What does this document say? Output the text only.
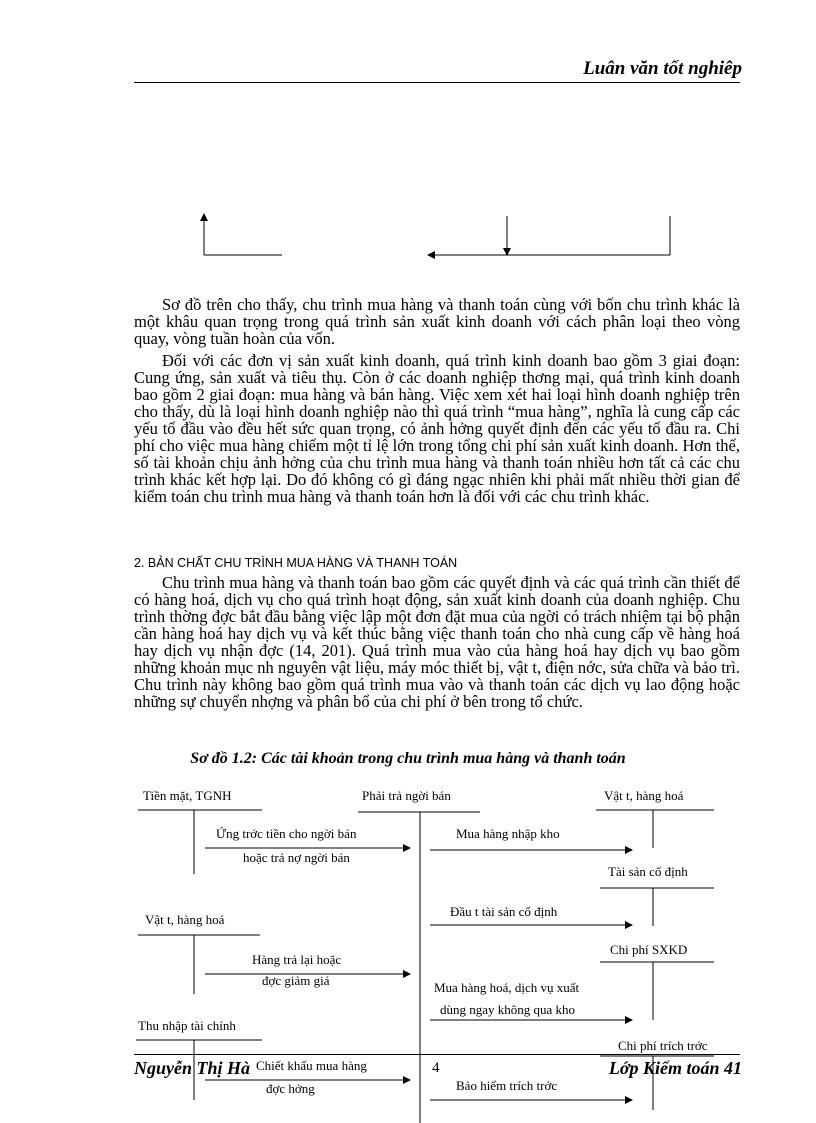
Luân văn tốt nghiêp

Sơ đồ trên cho thấy, chu trình mua hàng và thanh toán cùng với bốn chu trình khác là một khâu quan trọng trong quá trình sản xuất kinh doanh với cách phân loại theo vòng quay, vòng tuần hoàn của vốn.

Đối với các đơn vị sản xuất kinh doanh, quá trình kinh doanh bao gồm 3 giai đoạn: Cung ứng, sản xuất và tiêu thụ. Còn ở các doanh nghiệp thơng mại, quá trình kinh doanh bao gồm 2 giai đoạn: mua hàng và bán hàng. Việc xem xét hai loại hình doanh nghiệp trên cho thấy, dù là loại hình doanh nghiệp nào thì quá trình “mua hàng”, nghĩa là cung cấp các yếu tố đầu vào đều hết sức quan trọng, có ảnh hởng quyết định đến các yếu tố đầu ra. Chi phí cho việc mua hàng chiếm một tỉ lệ lớn trong tổng chi phí sản xuất kinh doanh. Hơn thế, số tài khoản chịu ảnh hởng của chu trình mua hàng và thanh toán nhiều hơn tất cả các chu trình khác kết hợp lại. Do đó không có gì đáng ngạc nhiên khi phải mất nhiều thời gian để kiểm toán chu trình mua hàng và thanh toán hơn là đối với các chu trình khác.

2. BẢN CHẤT CHU TRÌNH MUA HÀNG VÀ THANH TOÁN

Chu trình mua hàng và thanh toán bao gồm các quyết định và các quá trình cần thiết để có hàng hoá, dịch vụ cho quá trình hoạt động, sản xuất kinh doanh của doanh nghiệp. Chu trình thờng đợc bắt đầu bằng việc lập một đơn đặt mua của ngời có trách nhiệm tại bộ phận cần hàng hoá hay dịch vụ và kết thúc bằng việc thanh toán cho nhà cung cấp về hàng hoá hay dịch vụ nhận đợc (14, 201). Quá trình mua vào của hàng hoá hay dịch vụ bao gồm những khoản mục nh nguyên vật liệu, máy móc thiết bị, vật t, điện nớc, sửa chữa và bảo trì. Chu trình này không bao gồm quá trình mua vào và thanh toán các dịch vụ lao động hoặc những sự chuyển nhợng và phân bổ của chi phí ở bên trong tổ chức.

Sơ đồ 1.2: Các tài khoản trong chu trình mua hàng và thanh toán
Tiền mặt, TGNH	Phải trả ngời bán	Vật t, hàng hoá
Ứng trớc tiền cho ngời bán
hoặc trả nợ ngời bán
Mua hàng nhập kho
Tài sản cố định
Đầu t tài sản cố định
Vật t, hàng hoá
Chi phí SXKD
Hàng trả lại hoặc
đợc giảm giá	Mua hàng hoá, dịch vụ xuất
dùng ngay không qua kho
Thu nhập tài chính
Chi phí trích trớc
Chiết khấu mua hàng
đợc hởng	Bảo hiểm trích trớc
Nguyễn Thị Hà	4	Lớp Kiểm toán 41
